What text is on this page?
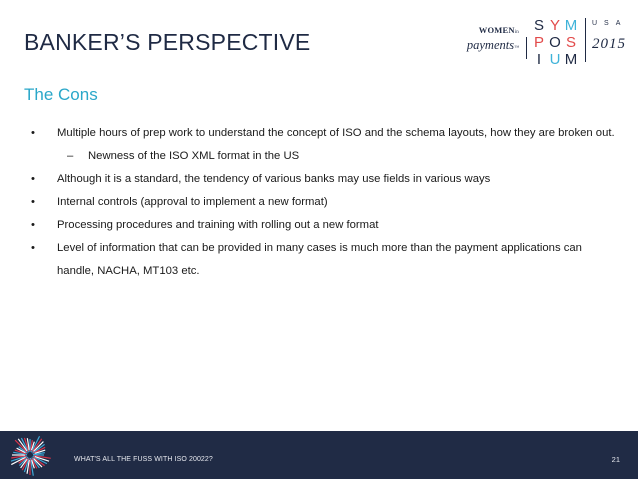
BANKER’S PERSPECTIVE
The Cons
WOMENin
payments™
S Y M
P O S
I U M
USA
2015
•	Multiple hours of prep work to understand the concept of ISO and the schema layouts, how they are broken out.
–	Newness of the ISO XML format in the US
•	Although it is a standard, the tendency of various banks may use fields in various ways
•	Internal controls (approval to implement a new format)
•	Processing procedures and training with rolling out a new format
•	Level of information that can be provided in many cases is much more than the payment applications can handle, NACHA, MT103 etc.
WHAT'S ALL THE FUSS WITH ISO 20022?	21
